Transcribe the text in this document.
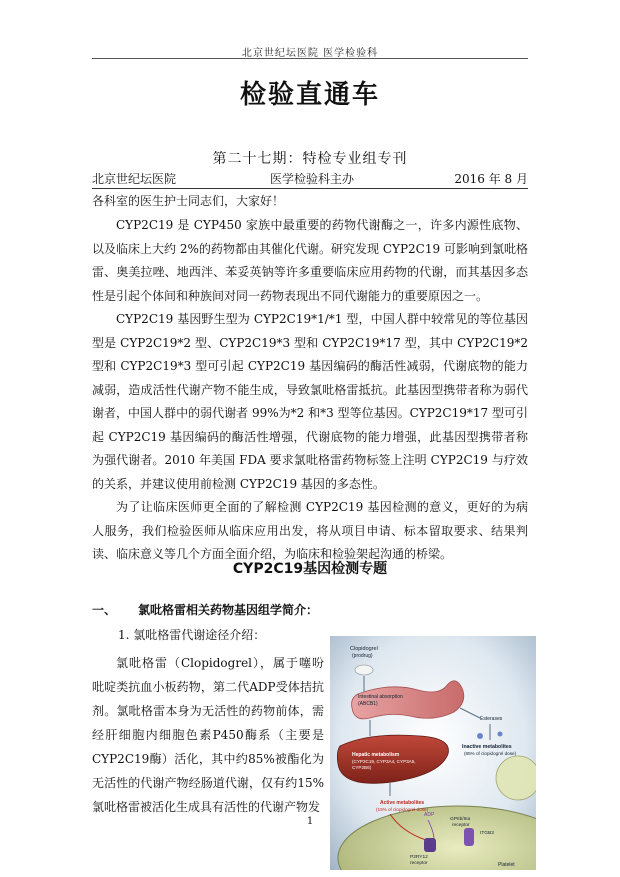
北京世纪坛医院 医学检验科
检验直通车
第二十七期：特检专业组专刊
北京世纪坛医院	医学检验科主办	2016 年 8 月
各科室的医生护士同志们，大家好！
CYP2C19 是 CYP450 家族中最重要的药物代谢酶之一，许多内源性底物、以及临床上大约 2%的药物都由其催化代谢。研究发现 CYP2C19 可影响到氯吡格雷、奥美拉唑、地西泮、苯妥英钠等许多重要临床应用药物的代谢，而其基因多态性是引起个体间和种族间对同一药物表现出不同代谢能力的重要原因之一。
CYP2C19 基因野生型为 CYP2C19*1/*1 型，中国人群中较常见的等位基因型是 CYP2C19*2 型、CYP2C19*3 型和 CYP2C19*17 型，其中 CYP2C19*2 型和 CYP2C19*3 型可引起 CYP2C19 基因编码的酶活性减弱，代谢底物的能力减弱，造成活性代谢产物不能生成，导致氯吡格雷抵抗。此基因型携带者称为弱代谢者，中国人群中的弱代谢者 99%为*2 和*3 型等位基因。CYP2C19*17 型可引起 CYP2C19 基因编码的酶活性增强，代谢底物的能力增强，此基因型携带者称为强代谢者。2010 年美国 FDA 要求氯吡格雷药物标签上注明 CYP2C19 与疗效的关系，并建议使用前检测 CYP2C19 基因的多态性。
为了让临床医师更全面的了解检测 CYP2C19 基因检测的意义，更好的为病人服务，我们检验医师从临床应用出发，将从项目申请、标本留取要求、结果判读、临床意义等几个方面全面介绍，为临床和检验架起沟通的桥梁。
CYP2C19基因检测专题
一、 氯吡格雷相关药物基因组学简介：
1. 氯吡格雷代谢途径介绍：
氯吡格雷（Clopidogrel），属于噻吩吡啶类抗血小板药物，第二代ADP受体拮抗剂。氯吡格雷本身为无活性的药物前体，需经肝细胞内细胞色素P450酶系（主要是CYP2C19酶）活化，其中约85%被酯化为无活性的代谢产物经肠道代谢，仅有约15%氯吡格雷被活化生成具有活性的代谢产物发
Clopidogrel
(prodrug)
Intestinal absorption
(ABCB1)
Esterases
Inactive metabolites
(85% of clopidogrel dose)
Hepatic metabolism
(CYP2C19, CYP3A4, CYP3A5,
CYP2B6)
Active metabolites
(15% of clopidogrel dose)
ADP
GPIIb/IIIa
receptor
ITGB3
P2RY12
receptor	Platelet
1
